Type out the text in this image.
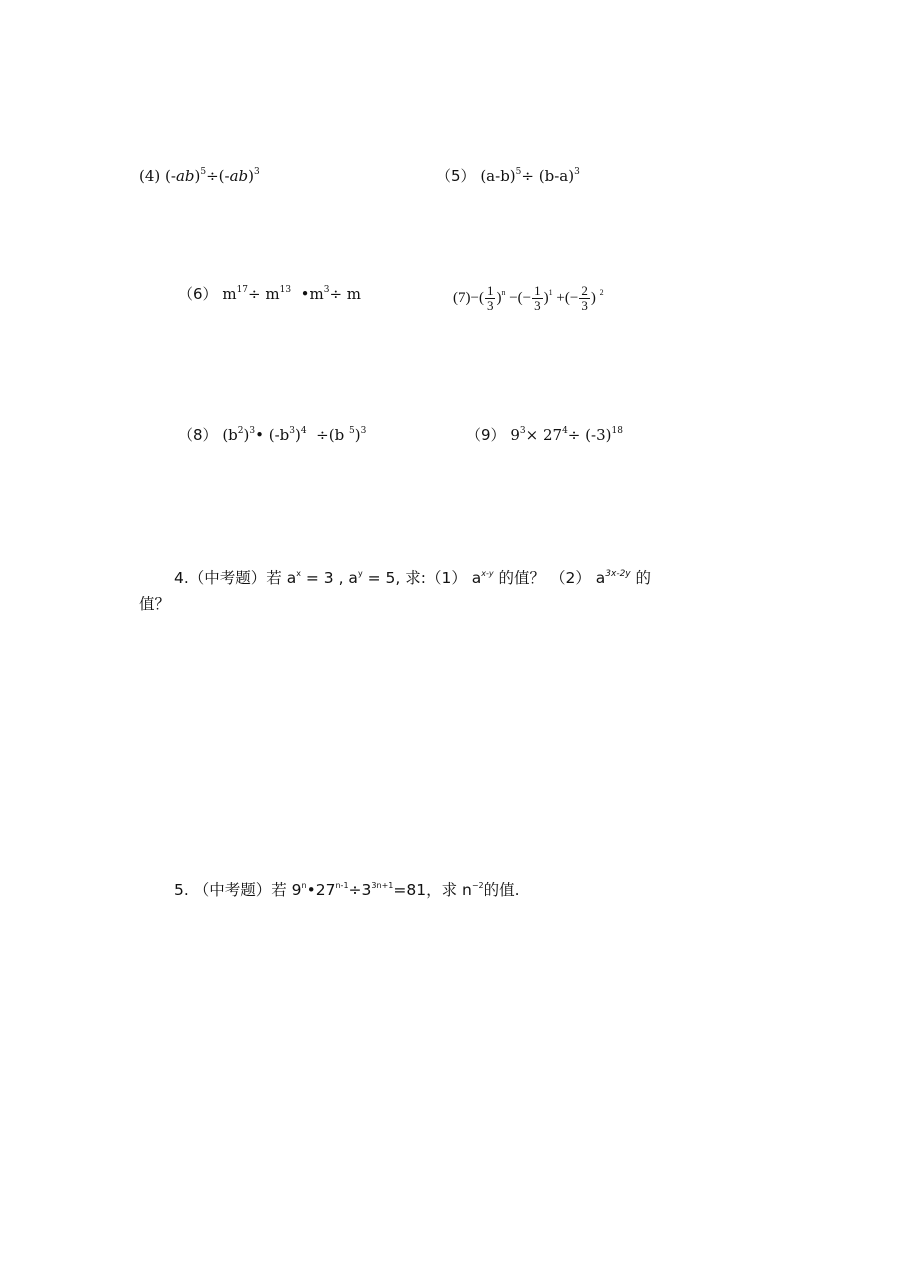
(4) $(-ab)^5\div(-ab)^3$	（5） $(a-b)^5\div (b-a)^3$
（6） $m^{17}\div m^{13}$ $•m^3\div m$	$(7)-( \frac{1}{3} )^n$ −(− $\frac{1}{3} )^1$ +(− $\frac{2}{3}$ ) $^2$
（8） $(b^2)^3•$ $(-b^3)^4 \div(b$ $^5$)$^3$	（9） $9^3\times 27^4\div (-3)^{18}$
4.（中考题）若 $a^x = 3$ , $a^y = 5$, 求:（1） $a^{x-y}$ 的值？ （2） $a^{3x-2y}$ 的
值？
5. （中考题）若 $9^n•27^{n-1}\div 3^{3n+1}=81$，求 $n^{-2}$的值.
